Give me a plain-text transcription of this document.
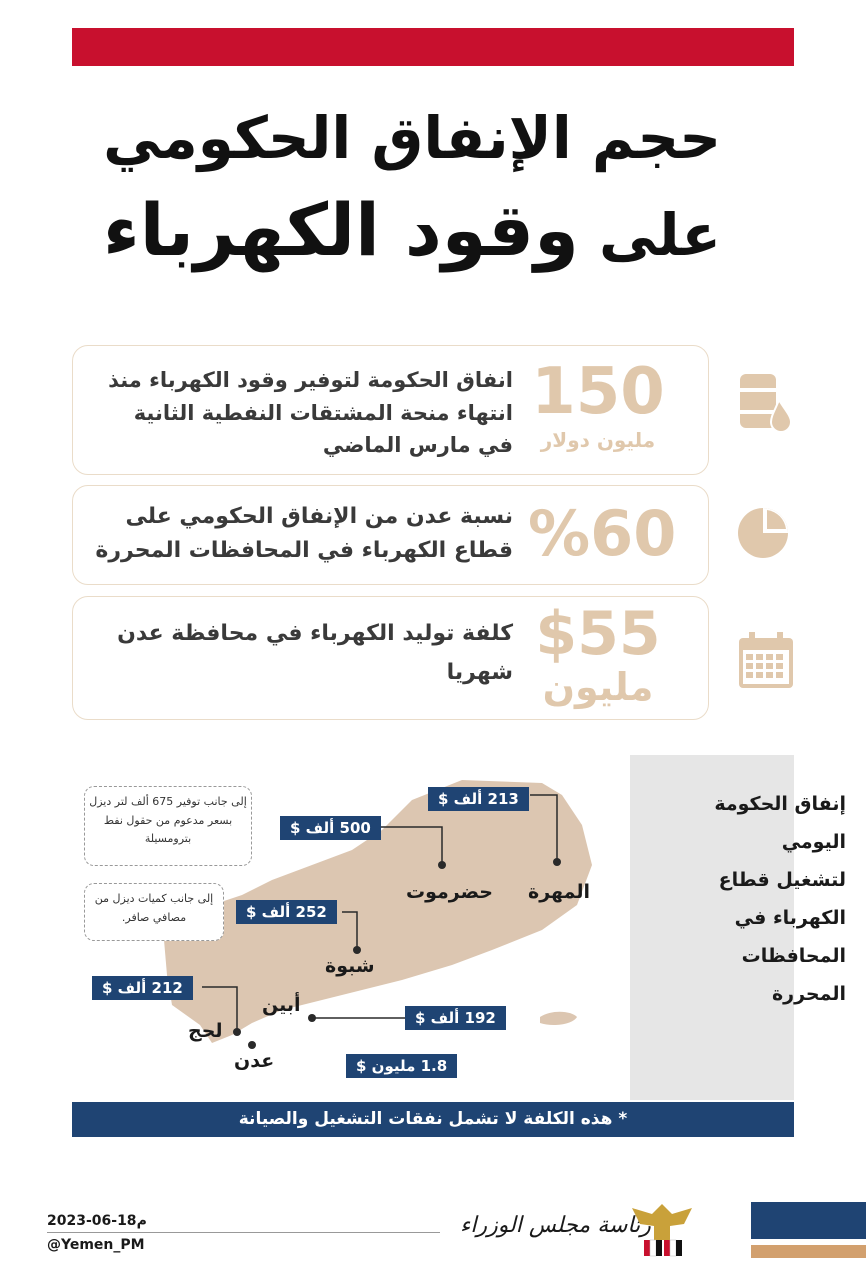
حجم الإنفاق الحكومي
على وقود الكهرباء
150
مليون دولار
انفاق الحكومة لتوفير وقود الكهرباء منذ انتهاء منحة المشتقات النفطية الثانية في مارس الماضي
%60
نسبة عدن من الإنفاق الحكومي على قطاع الكهرباء في المحافظات المحررة
$55
مليون
كلفة توليد الكهرباء في محافظة عدن شهريا
إنفاق الحكومة اليومي لتشغيل قطاع الكهرباء في المحافظات المحررة
213 ألف $
المهرة
500 ألف $
حضرموت
252 ألف $
شبوة
192 ألف $
أبين
212 ألف $
لحج
1.8 مليون $
عدن
إلى جانب توفير 675 ألف لتر ديزل بسعر مدعوم من حقول نفط بترومسيلة
إلى جانب كميات ديزل من مصافي صافر.
* هذه الكلفة لا تشمل نفقات التشغيل والصيانة
2023-06-18م
@Yemen_PM
رئاسة مجلس الوزراء
